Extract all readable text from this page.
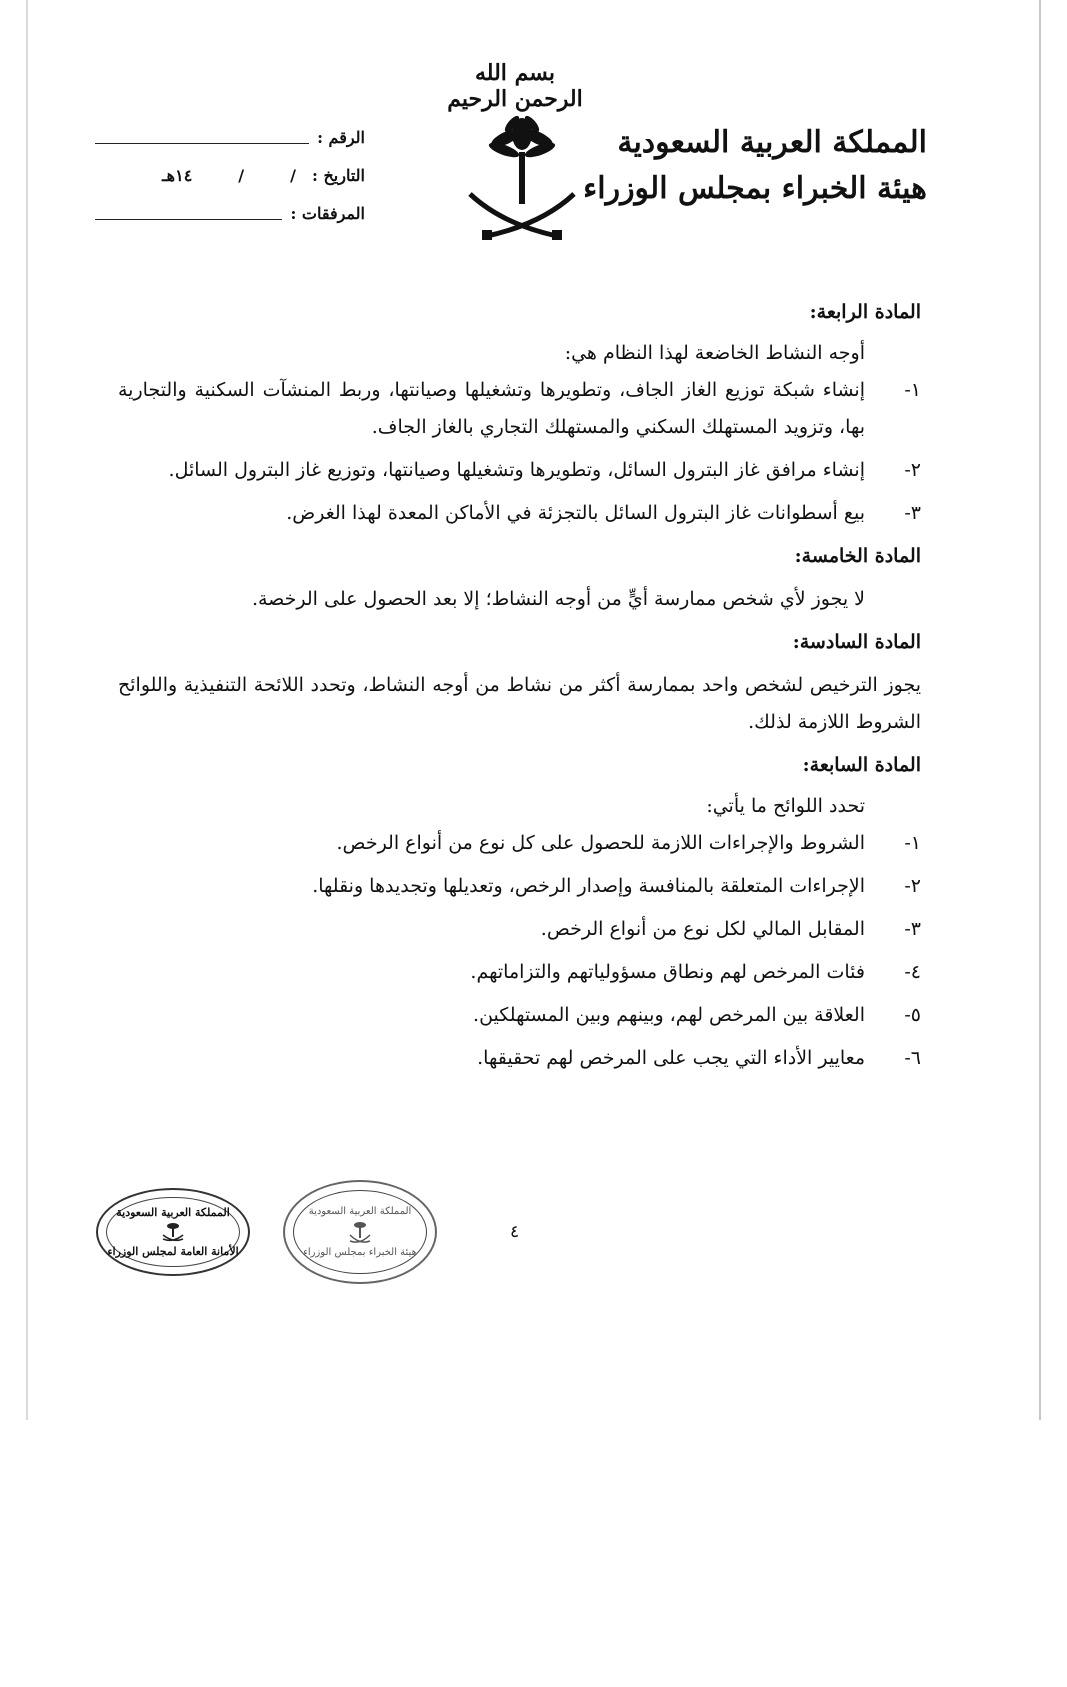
بسم الله الرحمن الرحيم
المملكة العربية السعودية
هيئة الخبراء بمجلس الوزراء
الرقم :
التاريخ :
/
/
١٤هـ
المرفقات :
المادة الرابعة:
أوجه النشاط الخاضعة لهذا النظام هي:
١-
إنشاء شبكة توزيع الغاز الجاف، وتطويرها وتشغيلها وصيانتها، وربط المنشآت السكنية والتجارية بها، وتزويد المستهلك السكني والمستهلك التجاري بالغاز الجاف.
٢-
إنشاء مرافق غاز البترول السائل، وتطويرها وتشغيلها وصيانتها، وتوزيع غاز البترول السائل.
٣-
بيع أسطوانات غاز البترول السائل بالتجزئة في الأماكن المعدة لهذا الغرض.
المادة الخامسة:
لا يجوز لأي شخص ممارسة أيٍّ من أوجه النشاط؛ إلا بعد الحصول على الرخصة.
المادة السادسة:
يجوز الترخيص لشخص واحد بممارسة أكثر من نشاط من أوجه النشاط، وتحدد اللائحة التنفيذية واللوائح الشروط اللازمة لذلك.
المادة السابعة:
تحدد اللوائح ما يأتي:
١-
الشروط والإجراءات اللازمة للحصول على كل نوع من أنواع الرخص.
٢-
الإجراءات المتعلقة بالمنافسة وإصدار الرخص، وتعديلها وتجديدها ونقلها.
٣-
المقابل المالي لكل نوع من أنواع الرخص.
٤-
فئات المرخص لهم ونطاق مسؤولياتهم والتزاماتهم.
٥-
العلاقة بين المرخص لهم، وبينهم وبين المستهلكين.
٦-
معايير الأداء التي يجب على المرخص لهم تحقيقها.
المملكة العربية السعودية
الأمانة العامة لمجلس الوزراء
المملكة العربية السعودية
هيئة الخبراء بمجلس الوزراء
٤
